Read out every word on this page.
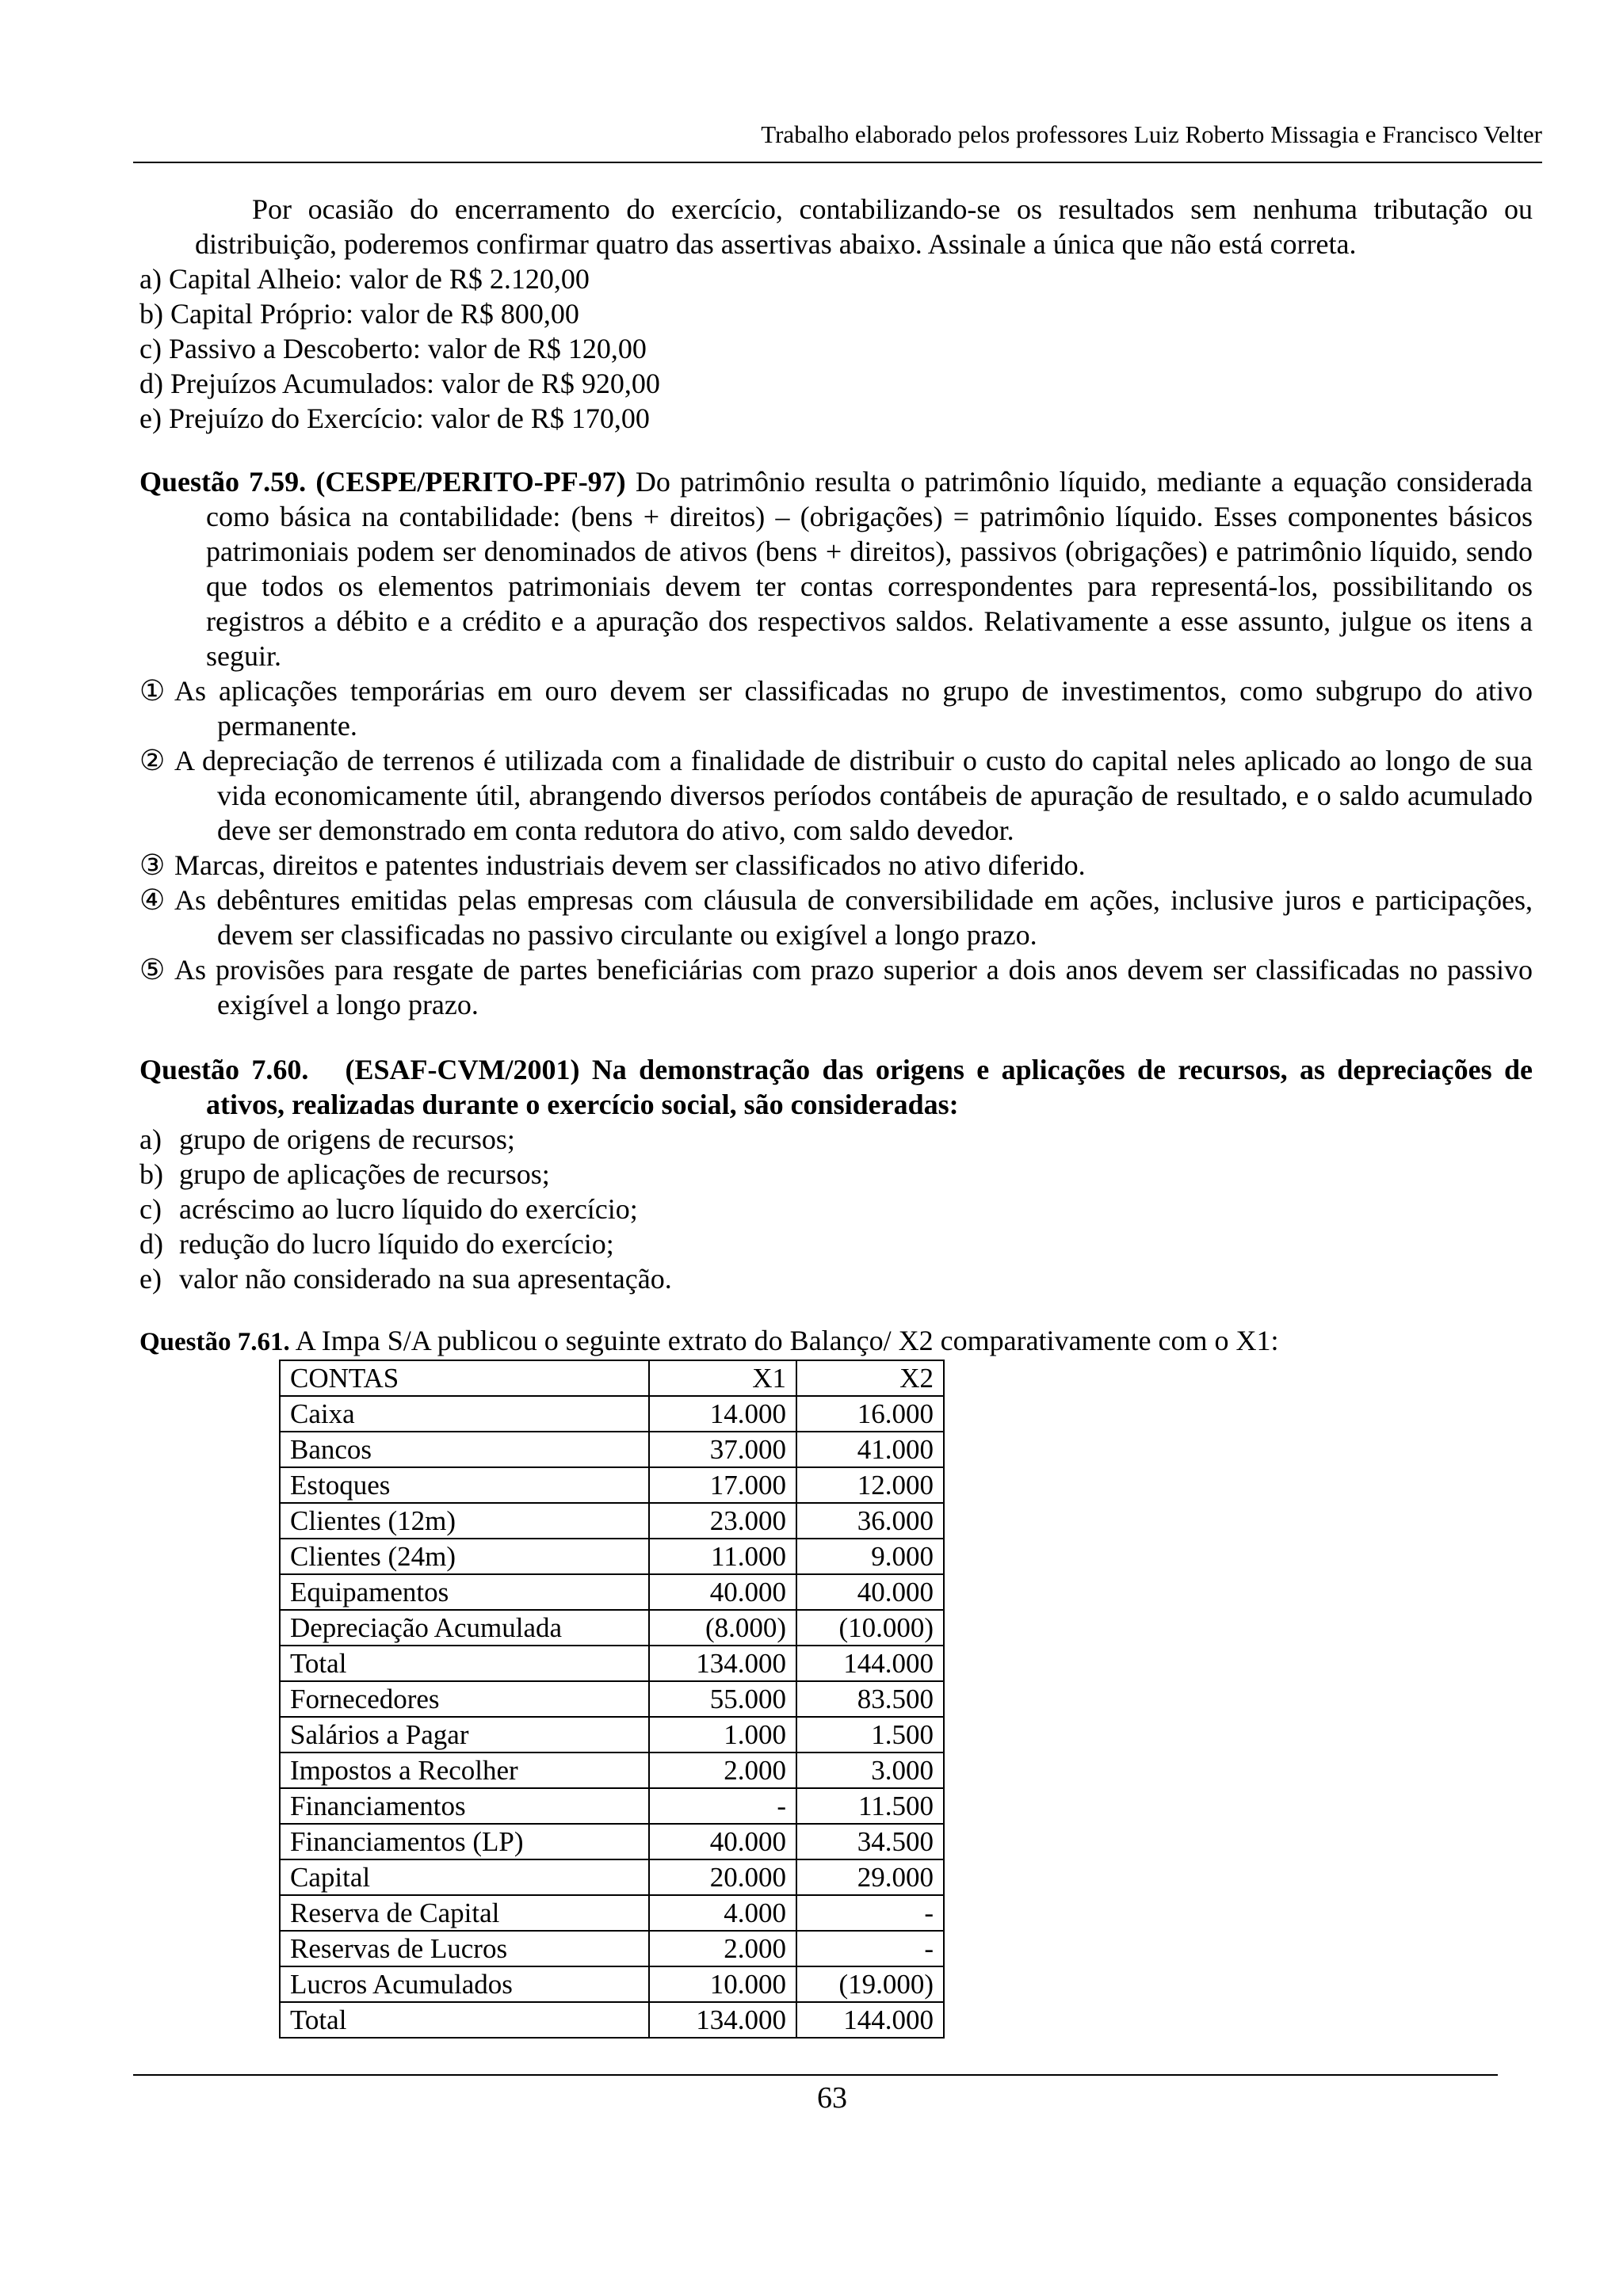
Trabalho elaborado pelos professores Luiz Roberto Missagia e Francisco Velter

Por ocasião do encerramento do exercício, contabilizando-se os resultados sem nenhuma tributação ou distribuição, poderemos confirmar quatro das assertivas abaixo. Assinale a única que não está correta.

a) Capital Alheio: valor de R$ 2.120,00

b) Capital Próprio: valor de R$ 800,00

c) Passivo a Descoberto: valor de R$ 120,00

d) Prejuízos Acumulados: valor de R$ 920,00

e) Prejuízo do Exercício: valor de R$ 170,00

Questão 7.59. (CESPE/PERITO-PF-97) Do patrimônio resulta o patrimônio líquido, mediante a equação considerada como básica na contabilidade: (bens + direitos) – (obrigações) = patrimônio líquido. Esses componentes básicos patrimoniais podem ser denominados de ativos (bens + direitos), passivos (obrigações) e patrimônio líquido, sendo que todos os elementos patrimoniais devem ter contas correspondentes para representá-los, possibilitando os registros a débito e a crédito e a apuração dos respectivos saldos. Relativamente a esse assunto, julgue os itens a seguir.

① As aplicações temporárias em ouro devem ser classificadas no grupo de investimentos, como subgrupo do ativo permanente.

② A depreciação de terrenos é utilizada com a finalidade de distribuir o custo do capital neles aplicado ao longo de sua vida economicamente útil, abrangendo diversos períodos contábeis de apuração de resultado, e o saldo acumulado deve ser demonstrado em conta redutora do ativo, com saldo devedor.

③ Marcas, direitos e patentes industriais devem ser classificados no ativo diferido.

④ As debêntures emitidas pelas empresas com cláusula de conversibilidade em ações, inclusive juros e participações, devem ser classificadas no passivo circulante ou exigível a longo prazo.

⑤ As provisões para resgate de partes beneficiárias com prazo superior a dois anos devem ser classificadas no passivo exigível a longo prazo.

Questão 7.60. (ESAF-CVM/2001) Na demonstração das origens e aplicações de recursos, as depreciações de ativos, realizadas durante o exercício social, são consideradas:

a) grupo de origens de recursos;

b) grupo de aplicações de recursos;

c) acréscimo ao lucro líquido do exercício;

d) redução do lucro líquido do exercício;

e) valor não considerado na sua apresentação.

Questão 7.61. A Impa S/A publicou o seguinte extrato do Balanço/ X2 comparativamente com o X1:

CONTAS	X1	X2
Caixa	14.000	16.000
Bancos	37.000	41.000
Estoques	17.000	12.000
Clientes (12m)	23.000	36.000
Clientes (24m)	11.000	9.000
Equipamentos	40.000	40.000
Depreciação Acumulada	(8.000)	(10.000)
Total	134.000	144.000
Fornecedores	55.000	83.500
Salários a Pagar	1.000	1.500
Impostos a Recolher	2.000	3.000
Financiamentos	-	11.500
Financiamentos (LP)	40.000	34.500
Capital	20.000	29.000
Reserva de Capital	4.000	-
Reservas de Lucros	2.000	-
Lucros Acumulados	10.000	(19.000)
Total	134.000	144.000
63
